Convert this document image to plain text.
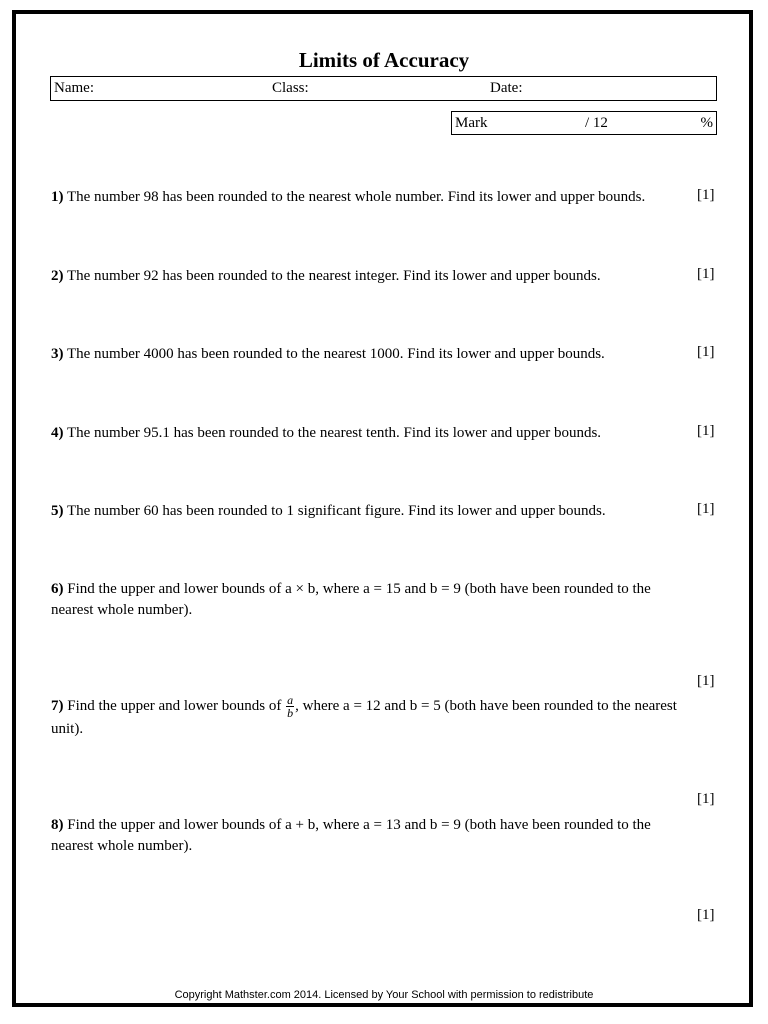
Limits of Accuracy
Name:	Class:	Date:
Mark	/ 12	%
1) The number 98 has been rounded to the nearest whole number. Find its lower and upper bounds.	[1]
2) The number 92 has been rounded to the nearest integer. Find its lower and upper bounds.	[1]
3) The number 4000 has been rounded to the nearest 1000. Find its lower and upper bounds.	[1]
4) The number 95.1 has been rounded to the nearest tenth. Find its lower and upper bounds.	[1]
5) The number 60 has been rounded to 1 significant figure. Find its lower and upper bounds.	[1]
6) Find the upper and lower bounds of a × b, where a = 15 and b = 9 (both have been rounded to the nearest whole number).
[1]
7) Find the upper and lower bounds of $\frac{a}{b}$ , where a = 12 and b = 5 (both have been rounded to the nearest unit).
[1]
8) Find the upper and lower bounds of a + b, where a = 13 and b = 9 (both have been rounded to the nearest whole number).
[1]
Copyright Mathster.com 2014. Licensed by Your School with permission to redistribute
